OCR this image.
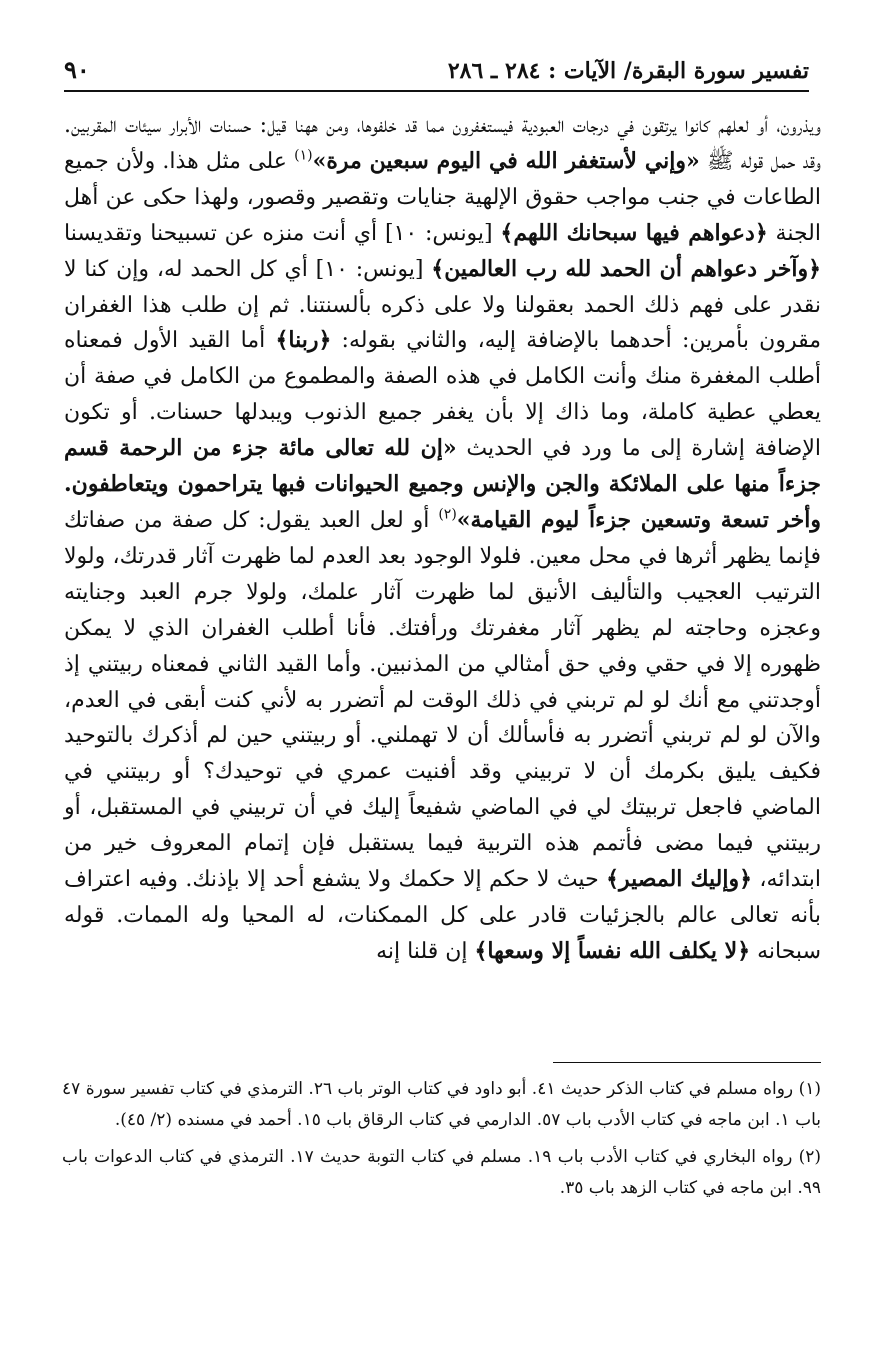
تفسير سورة البقرة/ الآيات : ٢٨٤ ـ ٢٨٦
٩٠

ويذرون، أو لعلهم كانوا يرتقون في درجات العبودية فيستغفرون مما قد خلفوها، ومن ههنا قيل: حسنات الأبرار سيئات المقربين. وقد حمل قوله ﷺ «وإني لأستغفر الله في اليوم سبعين مرة»$^{(١)}$ على مثل هذا. ولأن جميع الطاعات في جنب مواجب حقوق الإلهية جنايات وتقصير وقصور، ولهذا حكى عن أهل الجنة ﴿دعواهم فيها سبحانك اللهم﴾ [يونس: ١٠] أي أنت منزه عن تسبيحنا وتقديسنا ﴿وآخر دعواهم أن الحمد لله رب العالمين﴾ [يونس: ١٠] أي كل الحمد له، وإن كنا لا نقدر على فهم ذلك الحمد بعقولنا ولا على ذكره بألسنتنا. ثم إن طلب هذا الغفران مقرون بأمرين: أحدهما بالإضافة إليه، والثاني بقوله: ﴿ربنا﴾ أما القيد الأول فمعناه أطلب المغفرة منك وأنت الكامل في هذه الصفة والمطموع من الكامل في صفة أن يعطي عطية كاملة، وما ذاك إلا بأن يغفر جميع الذنوب ويبدلها حسنات. أو تكون الإضافة إشارة إلى ما ورد في الحديث «إن لله تعالى مائة جزء من الرحمة قسم جزءاً منها على الملائكة والجن والإنس وجميع الحيوانات فبها يتراحمون ويتعاطفون. وأخر تسعة وتسعين جزءاً ليوم القيامة»$^{(٢)}$ أو لعل العبد يقول: كل صفة من صفاتك فإنما يظهر أثرها في محل معين. فلولا الوجود بعد العدم لما ظهرت آثار قدرتك، ولولا الترتيب العجيب والتأليف الأنيق لما ظهرت آثار علمك، ولولا جرم العبد وجنايته وعجزه وحاجته لم يظهر آثار مغفرتك ورأفتك. فأنا أطلب الغفران الذي لا يمكن ظهوره إلا في حقي وفي حق أمثالي من المذنبين. وأما القيد الثاني فمعناه ربيتني إذ أوجدتني مع أنك لو لم تربني في ذلك الوقت لم أتضرر به لأني كنت أبقى في العدم، والآن لو لم تربني أتضرر به فأسألك أن لا تهملني. أو ربيتني حين لم أذكرك بالتوحيد فكيف يليق بكرمك أن لا تربيني وقد أفنيت عمري في توحيدك؟ أو ربيتني في الماضي فاجعل تربيتك لي في الماضي شفيعاً إليك في أن تربيني في المستقبل، أو ربيتني فيما مضى فأتمم هذه التربية فيما يستقبل فإن إتمام المعروف خير من ابتدائه، ﴿وإليك المصير﴾ حيث لا حكم إلا حكمك ولا يشفع أحد إلا بإذنك. وفيه اعتراف بأنه تعالى عالم بالجزئيات قادر على كل الممكنات، له المحيا وله الممات. قوله سبحانه ﴿لا يكلف الله نفساً إلا وسعها﴾ إن قلنا إنه

(١) رواه مسلم في كتاب الذكر حديث ٤١. أبو داود في كتاب الوتر باب ٢٦. الترمذي في كتاب تفسير سورة ٤٧ باب ١. ابن ماجه في كتاب الأدب باب ٥٧. الدارمي في كتاب الرقاق باب ١٥. أحمد في مسنده (٢/ ٤٥).

(٢) رواه البخاري في كتاب الأدب باب ١٩. مسلم في كتاب التوبة حديث ١٧. الترمذي في كتاب الدعوات باب ٩٩. ابن ماجه في كتاب الزهد باب ٣٥.
